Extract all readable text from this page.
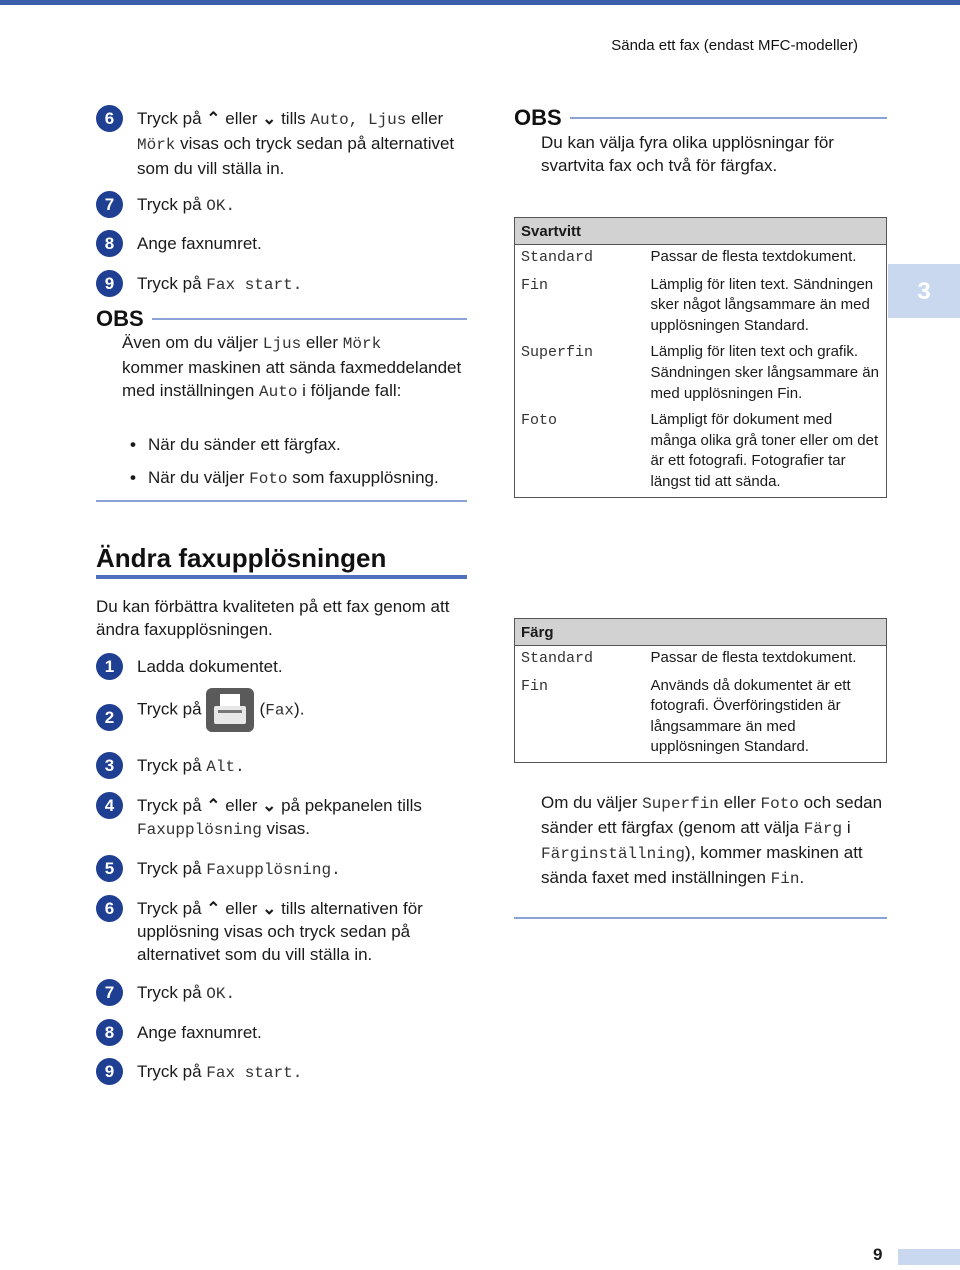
Sända ett fax (endast MFC-modeller)
6	Tryck på ⌃ eller ⌄ tills Auto, Ljus eller
Mörk visas och tryck sedan på alternativet som du vill ställa in.
7	Tryck på OK.
8	Ange faxnumret.
9	Tryck på Fax start.
OBS
Även om du väljer Ljus eller Mörk
kommer maskinen att sända faxmeddelandet med inställningen Auto i följande fall:
• När du sänder ett färgfax.
• När du väljer Foto som faxupplösning.
Ändra faxupplösningen
Du kan förbättra kvaliteten på ett fax genom att ändra faxupplösningen.
1	Ladda dokumentet.
2	Tryck på	(Fax).
3	Tryck på Alt.
4	Tryck på ⌃ eller ⌄ på pekpanelen tills
Faxupplösning visas.
5	Tryck på Faxupplösning.
6	Tryck på ⌃ eller ⌄ tills alternativen för upplösning visas och tryck sedan på alternativet som du vill ställa in.
7	Tryck på OK.
8	Ange faxnumret.
9	Tryck på Fax start.
OBS
Du kan välja fyra olika upplösningar för svartvita fax och två för färgfax.
Svartvitt	
Standard	Passar de flesta textdokument.
Fin	Lämplig för liten text. Sändningen sker något långsammare än med upplösningen Standard.
Superfin	Lämplig för liten text och grafik. Sändningen sker långsammare än med upplösningen Fin.
Foto	Lämpligt för dokument med många olika grå toner eller om det är ett fotografi. Fotografier tar längst tid att sända.
Färg	
Standard	Passar de flesta textdokument.
Fin	Används då dokumentet är ett fotografi. Överföringstiden är långsammare än med upplösningen Standard.
Om du väljer Superfin eller Foto och sedan sänder ett färgfax (genom att välja Färg i Färginställning), kommer maskinen att sända faxet med inställningen Fin.
3
9
